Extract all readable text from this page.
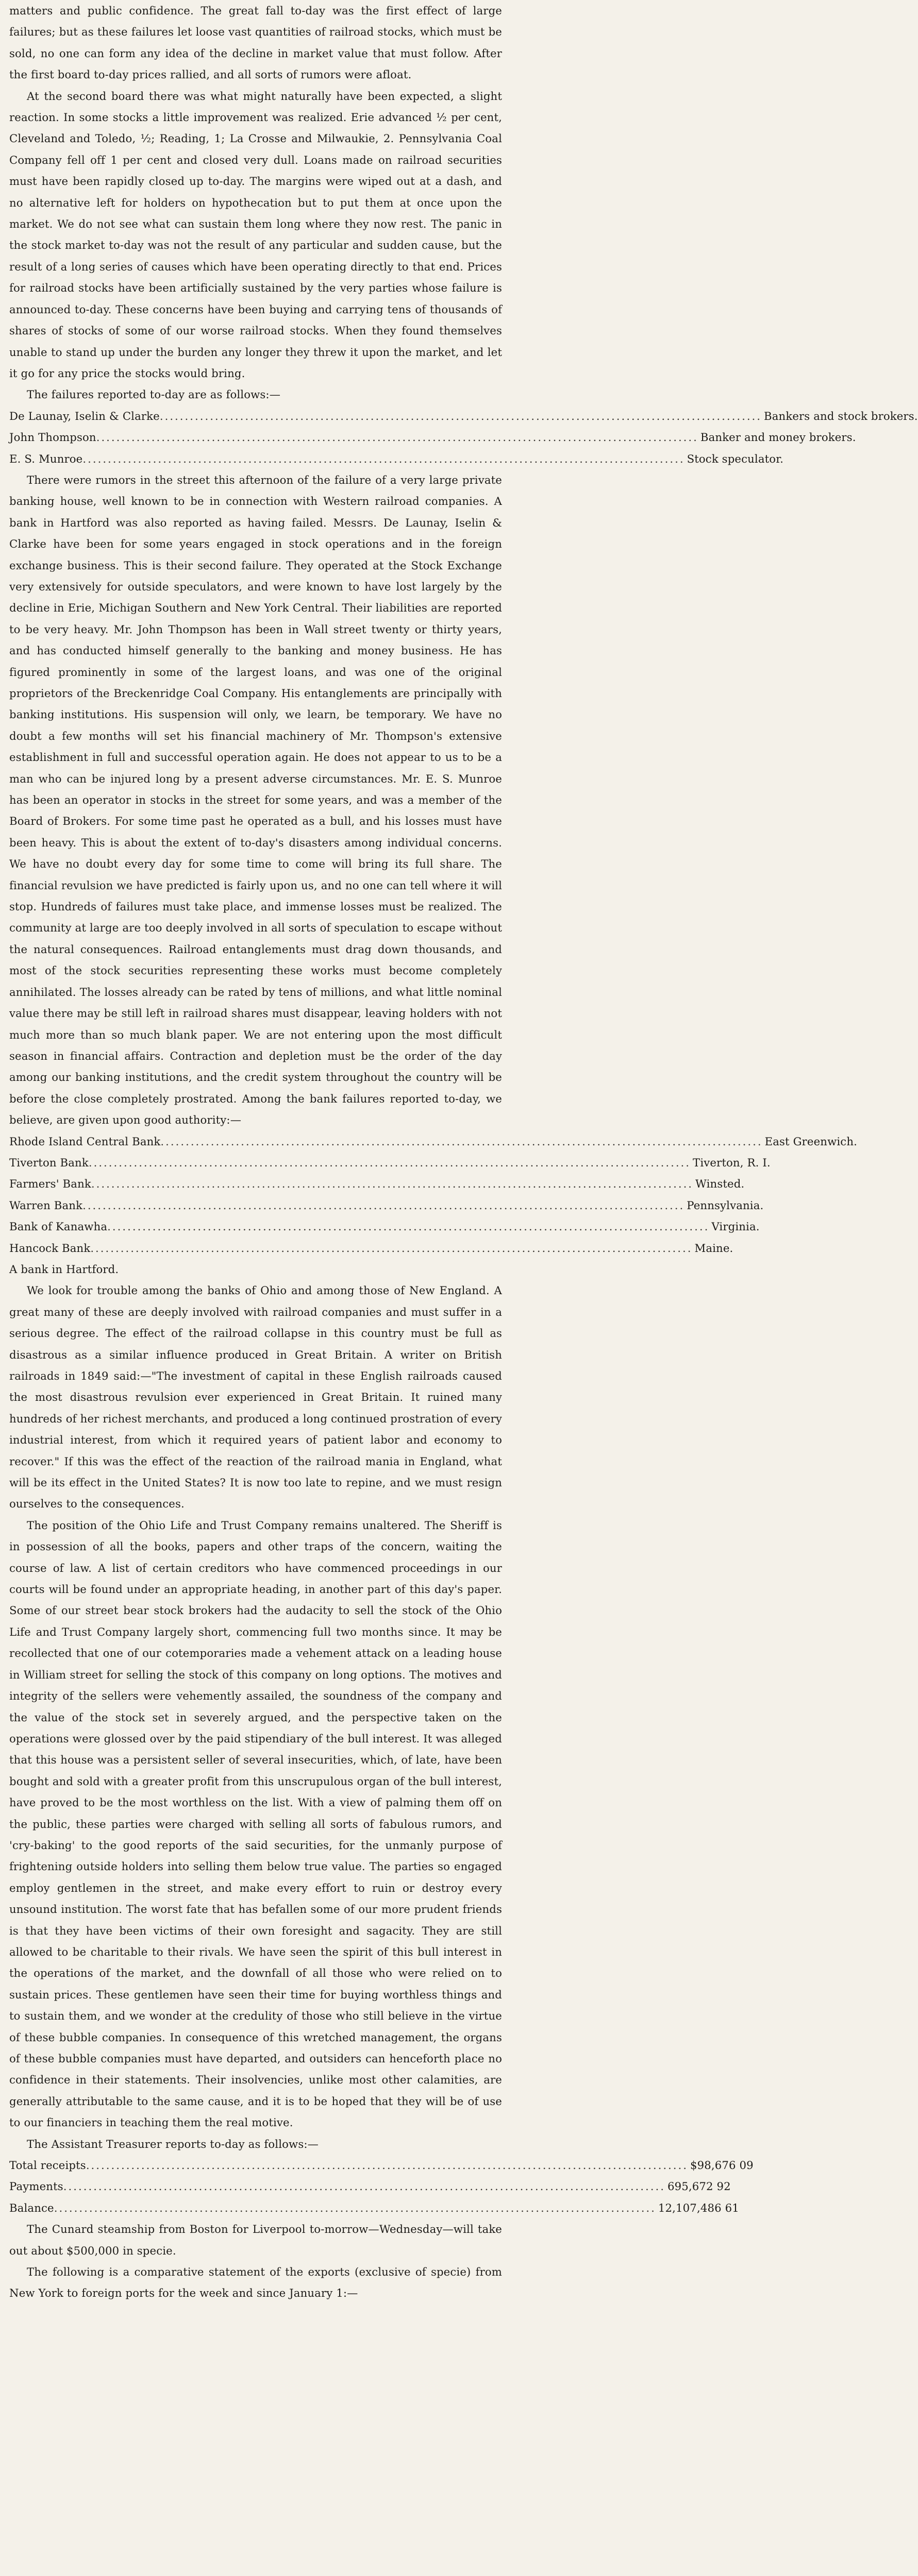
matters and public confidence. The great fall to-day was the first effect of large failures; but as these failures let loose vast quantities of railroad stocks, which must be sold, no one can form any idea of the decline in market value that must follow. After the first board to-day prices rallied, and all sorts of rumors were afloat.

At the second board there was what might naturally have been expected, a slight reaction. In some stocks a little improvement was realized. Erie advanced ½ per cent, Cleveland and Toledo, ½; Reading, 1; La Crosse and Milwaukie, 2. Pennsylvania Coal Company fell off 1 per cent and closed very dull. Loans made on railroad securities must have been rapidly closed up to-day. The margins were wiped out at a dash, and no alternative left for holders on hypothecation but to put them at once upon the market. We do not see what can sustain them long where they now rest. The panic in the stock market to-day was not the result of any particular and sudden cause, but the result of a long series of causes which have been operating directly to that end. Prices for railroad stocks have been artificially sustained by the very parties whose failure is announced to-day. These concerns have been buying and carrying tens of thousands of shares of stocks of some of our worse railroad stocks. When they found themselves unable to stand up under the burden any longer they threw it upon the market, and let it go for any price the stocks would bring.

The failures reported to-day are as follows:—

De Launay, Iselin & Clarke ........................................................................................................................ Bankers and stock brokers.
John Thompson ........................................................................................................................ Banker and money brokers.
E. S. Munroe ........................................................................................................................ Stock speculator.

There were rumors in the street this afternoon of the failure of a very large private banking house, well known to be in connection with Western railroad companies. A bank in Hartford was also reported as having failed. Messrs. De Launay, Iselin & Clarke have been for some years engaged in stock operations and in the foreign exchange business. This is their second failure. They operated at the Stock Exchange very extensively for outside speculators, and were known to have lost largely by the decline in Erie, Michigan Southern and New York Central. Their liabilities are reported to be very heavy. Mr. John Thompson has been in Wall street twenty or thirty years, and has conducted himself generally to the banking and money business. He has figured prominently in some of the largest loans, and was one of the original proprietors of the Breckenridge Coal Company. His entanglements are principally with banking institutions. His suspension will only, we learn, be temporary. We have no doubt a few months will set his financial machinery of Mr. Thompson's extensive establishment in full and successful operation again. He does not appear to us to be a man who can be injured long by a present adverse circumstances. Mr. E. S. Munroe has been an operator in stocks in the street for some years, and was a member of the Board of Brokers. For some time past he operated as a bull, and his losses must have been heavy. This is about the extent of to-day's disasters among individual concerns. We have no doubt every day for some time to come will bring its full share. The financial revulsion we have predicted is fairly upon us, and no one can tell where it will stop. Hundreds of failures must take place, and immense losses must be realized. The community at large are too deeply involved in all sorts of speculation to escape without the natural consequences. Railroad entanglements must drag down thousands, and most of the stock securities representing these works must become completely annihilated. The losses already can be rated by tens of millions, and what little nominal value there may be still left in railroad shares must disappear, leaving holders with not much more than so much blank paper. We are not entering upon the most difficult season in financial affairs. Contraction and depletion must be the order of the day among our banking institutions, and the credit system throughout the country will be before the close completely prostrated. Among the bank failures reported to-day, we believe, are given upon good authority:—

Rhode Island Central Bank ........................................................................................................................ East Greenwich.
Tiverton Bank ........................................................................................................................ Tiverton, R. I.
Farmers' Bank ........................................................................................................................ Winsted.
Warren Bank ........................................................................................................................ Pennsylvania.
Bank of Kanawha ........................................................................................................................ Virginia.
Hancock Bank ........................................................................................................................ Maine.
A bank in Hartford.

We look for trouble among the banks of Ohio and among those of New England. A great many of these are deeply involved with railroad companies and must suffer in a serious degree. The effect of the railroad collapse in this country must be full as disastrous as a similar influence produced in Great Britain. A writer on British railroads in 1849 said:—"The investment of capital in these English railroads caused the most disastrous revulsion ever experienced in Great Britain. It ruined many hundreds of her richest merchants, and produced a long continued prostration of every industrial interest, from which it required years of patient labor and economy to recover." If this was the effect of the reaction of the railroad mania in England, what will be its effect in the United States? It is now too late to repine, and we must resign ourselves to the consequences.

The position of the Ohio Life and Trust Company remains unaltered. The Sheriff is in possession of all the books, papers and other traps of the concern, waiting the course of law. A list of certain creditors who have commenced proceedings in our courts will be found under an appropriate heading, in another part of this day's paper. Some of our street bear stock brokers had the audacity to sell the stock of the Ohio Life and Trust Company largely short, commencing full two months since. It may be recollected that one of our cotemporaries made a vehement attack on a leading house in William street for selling the stock of this company on long options. The motives and integrity of the sellers were vehemently assailed, the soundness of the company and the value of the stock set in severely argued, and the perspective taken on the operations were glossed over by the paid stipendiary of the bull interest. It was alleged that this house was a persistent seller of several insecurities, which, of late, have been bought and sold with a greater profit from this unscrupulous organ of the bull interest, have proved to be the most worthless on the list. With a view of palming them off on the public, these parties were charged with selling all sorts of fabulous rumors, and 'cry-baking' to the good reports of the said securities, for the unmanly purpose of frightening outside holders into selling them below true value. The parties so engaged employ gentlemen in the street, and make every effort to ruin or destroy every unsound institution. The worst fate that has befallen some of our more prudent friends is that they have been victims of their own foresight and sagacity. They are still allowed to be charitable to their rivals. We have seen the spirit of this bull interest in the operations of the market, and the downfall of all those who were relied on to sustain prices. These gentlemen have seen their time for buying worthless things and to sustain them, and we wonder at the credulity of those who still believe in the virtue of these bubble companies. In consequence of this wretched management, the organs of these bubble companies must have departed, and outsiders can henceforth place no confidence in their statements. Their insolvencies, unlike most other calamities, are generally attributable to the same cause, and it is to be hoped that they will be of use to our financiers in teaching them the real motive.

The Assistant Treasurer reports to-day as follows:—

Total receipts ........................................................................................................................ $98,676 09
Payments ........................................................................................................................ 695,672 92
Balance ........................................................................................................................ 12,107,486 61

The Cunard steamship from Boston for Liverpool to-morrow—Wednesday—will take out about $500,000 in specie.

The following is a comparative statement of the exports (exclusive of specie) from New York to foreign ports for the week and since January 1:—
